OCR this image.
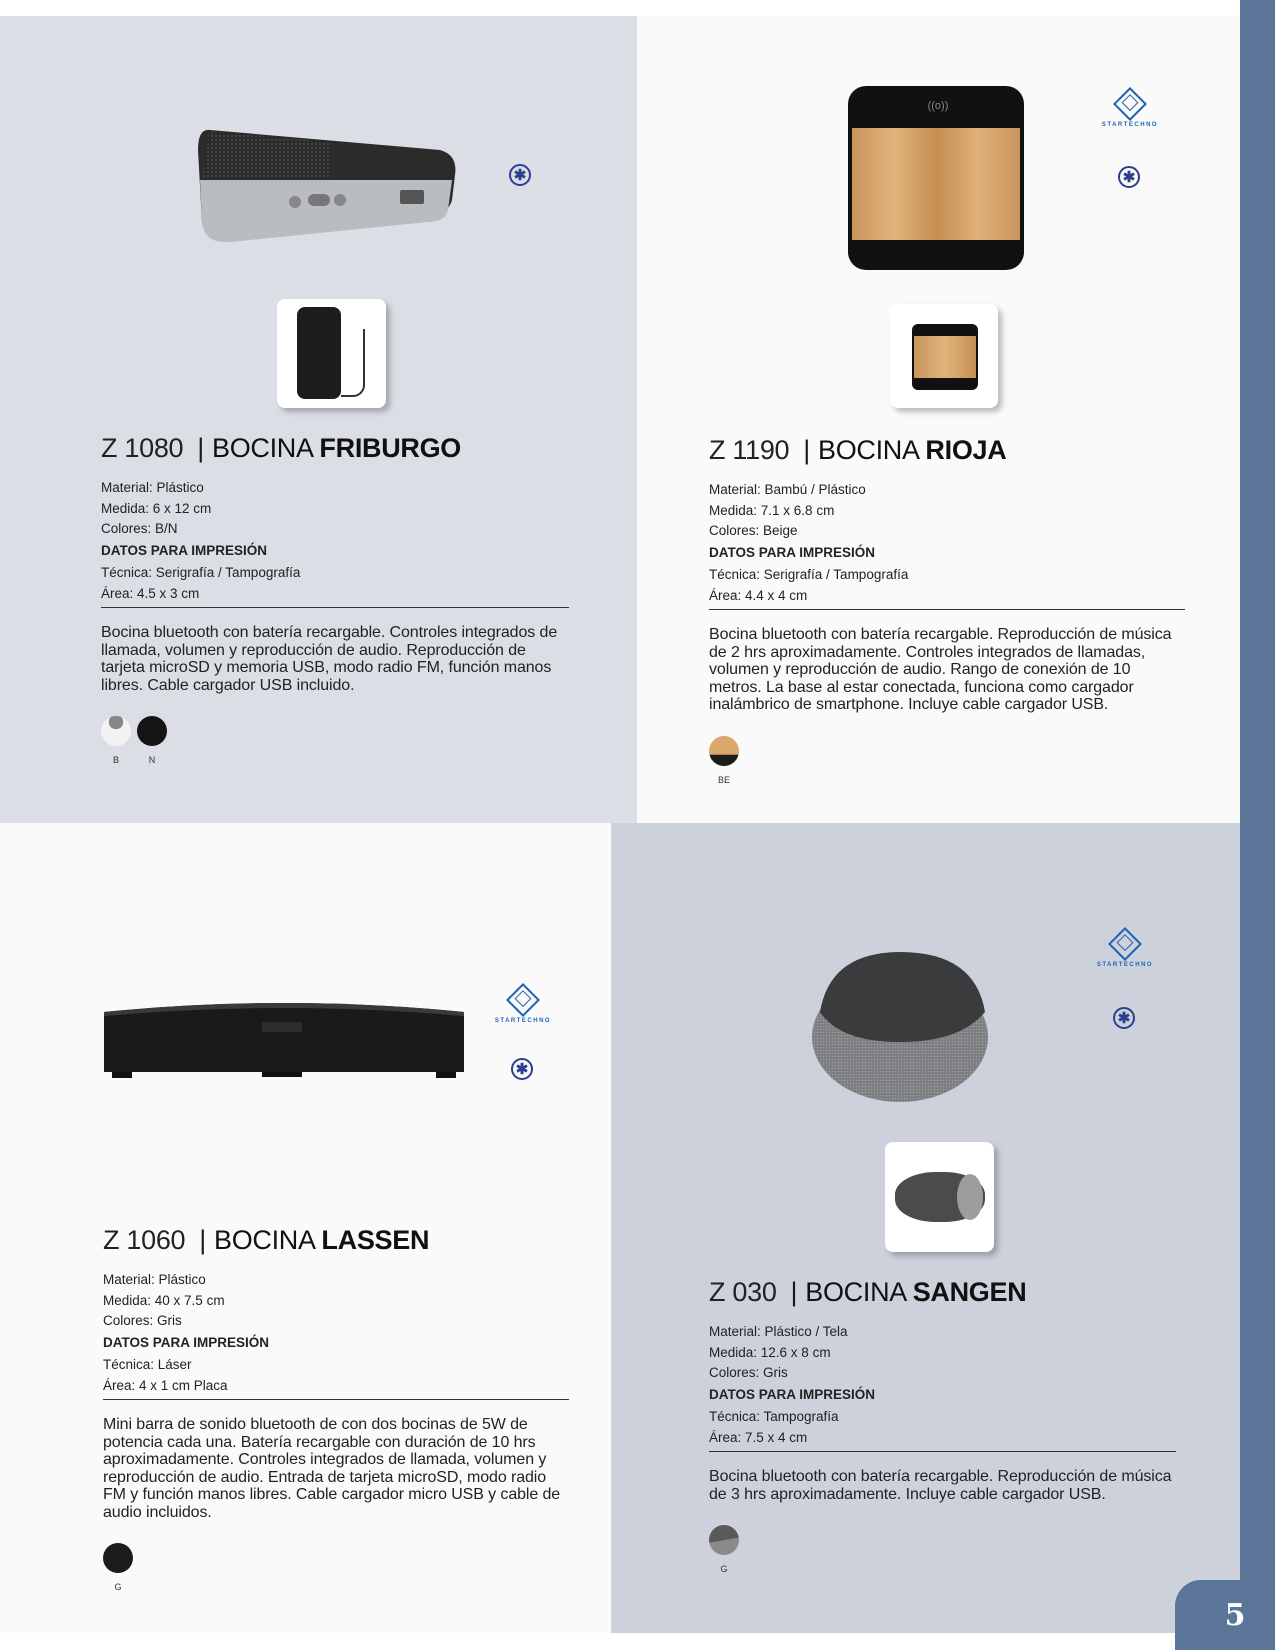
5
✱
Z 1080 | BOCINA FRIBURGO
Material: Plástico
Medida: 6 x 12 cm
Colores: B/N
DATOS PARA IMPRESIÓN
Técnica: Serigrafía / Tampografía
Área: 4.5 x 3 cm
Bocina bluetooth con batería recargable. Controles integrados de llamada, volumen y reproducción de audio. Reproducción de tarjeta microSD y memoria USB, modo radio FM, función manos libres. Cable cargador USB incluido.
B	N
((o))
STARTECHNO
✱
Z 1190 | BOCINA RIOJA
Material: Bambú / Plástico
Medida: 7.1 x 6.8 cm
Colores: Beige
DATOS PARA IMPRESIÓN
Técnica: Serigrafía / Tampografía
Área: 4.4 x 4 cm
Bocina bluetooth con batería recargable. Reproducción de música de 2 hrs aproximadamente. Controles integrados de llamadas, volumen y reproducción de audio. Rango de conexión de 10 metros. La base al estar conectada, funciona como cargador inalámbrico de smartphone. Incluye cable cargador USB.
BE
STARTECHNO
✱
Z 1060 | BOCINA LASSEN
Material: Plástico
Medida: 40 x 7.5 cm
Colores: Gris
DATOS PARA IMPRESIÓN
Técnica: Láser
Área: 4 x 1 cm Placa
Mini barra de sonido bluetooth de con dos bocinas de 5W de potencia cada una. Batería recargable con duración de 10 hrs aproximadamente. Controles integrados de llamada, volumen y reproducción de audio. Entrada de tarjeta microSD, modo radio FM y función manos libres. Cable cargador micro USB y cable de audio incluidos.
G
STARTECHNO
✱
Z 030 | BOCINA SANGEN
Material: Plástico / Tela
Medida: 12.6 x 8 cm
Colores: Gris
DATOS PARA IMPRESIÓN
Técnica: Tampografía
Área: 7.5 x 4 cm
Bocina bluetooth con batería recargable. Reproducción de música de 3 hrs aproximadamente. Incluye cable cargador USB.
G
